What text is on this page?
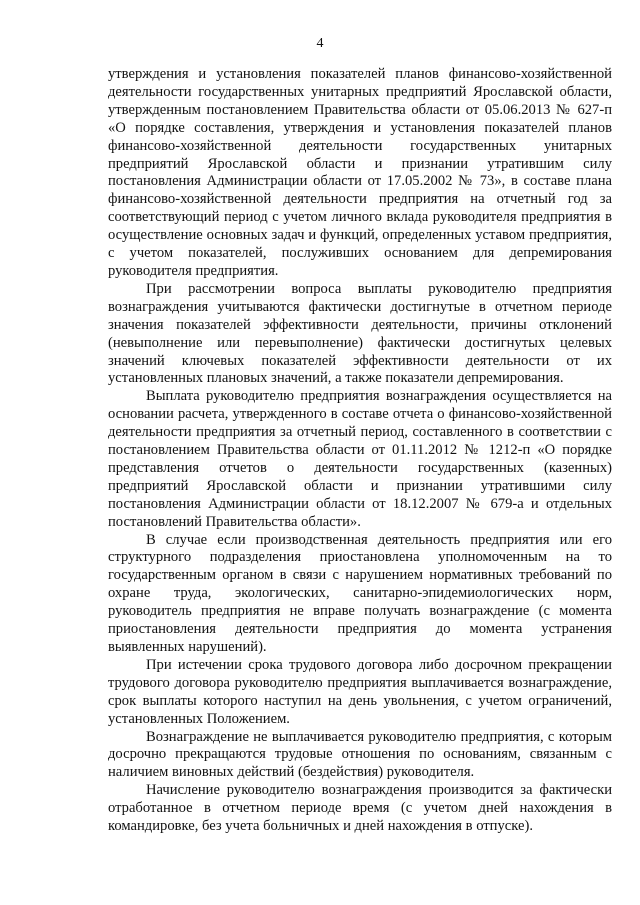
4

утверждения и установления показателей планов финансово-хозяйственной деятельности государственных унитарных предприятий Ярославской области, утвержденным постановлением Правительства области от 05.06.2013 № 627-п «О порядке составления, утверждения и установления показателей планов финансово-хозяйственной деятельности государственных унитарных предприятий Ярославской области и признании утратившим силу постановления Администрации области от 17.05.2002 № 73», в составе плана финансово-хозяйственной деятельности предприятия на отчетный год за соответствующий период с учетом личного вклада руководителя предприятия в осуществление основных задач и функций, определенных уставом предприятия, с учетом показателей, послуживших основанием для депремирования руководителя предприятия.

При рассмотрении вопроса выплаты руководителю предприятия вознаграждения учитываются фактически достигнутые в отчетном периоде значения показателей эффективности деятельности, причины отклонений (невыполнение или перевыполнение) фактически достигнутых целевых значений ключевых показателей эффективности деятельности от их установленных плановых значений, а также показатели депремирования.

Выплата руководителю предприятия вознаграждения осуществляется на основании расчета, утвержденного в составе отчета о финансово-хозяйственной деятельности предприятия за отчетный период, составленного в соответствии с постановлением Правительства области от 01.11.2012 № 1212-п «О порядке представления отчетов о деятельности государственных (казенных) предприятий Ярославской области и признании утратившими силу постановления Администрации области от 18.12.2007 № 679-а и отдельных постановлений Правительства области».

В случае если производственная деятельность предприятия или его структурного подразделения приостановлена уполномоченным на то государственным органом в связи с нарушением нормативных требований по охране труда, экологических, санитарно-эпидемиологических норм, руководитель предприятия не вправе получать вознаграждение (с момента приостановления деятельности предприятия до момента устранения выявленных нарушений).

При истечении срока трудового договора либо досрочном прекращении трудового договора руководителю предприятия выплачивается вознаграждение, срок выплаты которого наступил на день увольнения, с учетом ограничений, установленных Положением.

Вознаграждение не выплачивается руководителю предприятия, с которым досрочно прекращаются трудовые отношения по основаниям, связанным с наличием виновных действий (бездействия) руководителя.

Начисление руководителю вознаграждения производится за фактически отработанное в отчетном периоде время (с учетом дней нахождения в командировке, без учета больничных и дней нахождения в отпуске).
